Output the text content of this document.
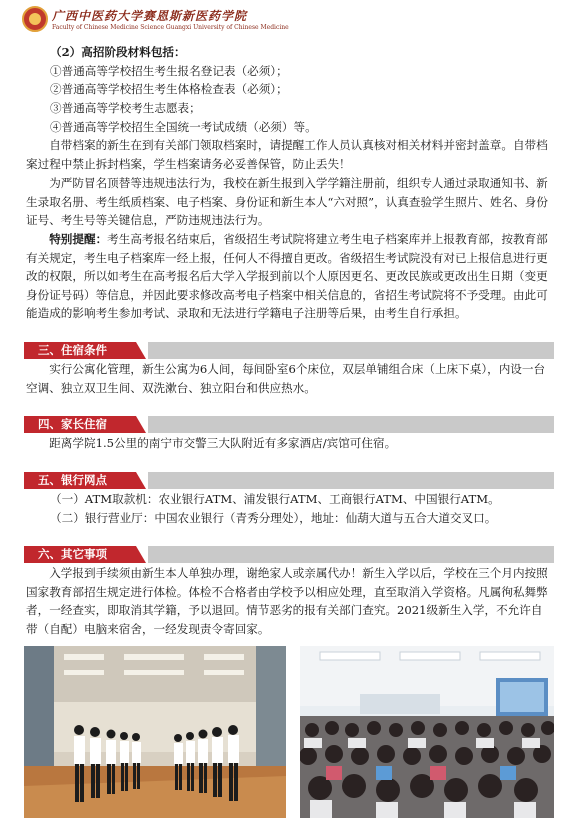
广西中医药大学赛恩斯新医药学院
Faculty of Chinese Medicine Science Guangxi University of Chinese Medicine
（2）高招阶段材料包括：
①普通高等学校招生考生报名登记表（必须）；
②普通高等学校招生考生体格检查表（必须）；
③普通高等学校考生志愿表；
④普通高等学校招生全国统一考试成绩（必须）等。
自带档案的新生在到有关部门领取档案时，请提醒工作人员认真核对相关材料并密封盖章。自带档案过程中禁止拆封档案，学生档案请务必妥善保管，防止丢失！
为严防冒名顶替等违规违法行为，我校在新生报到入学学籍注册前，组织专人通过录取通知书、新生录取名册、考生纸质档案、电子档案、身份证和新生本人“六对照”，认真查验学生照片、姓名、身份证号、考生号等关键信息，严防违规违法行为。
特别提醒：考生高考报名结束后，省级招生考试院将建立考生电子档案库并上报教育部，按教育部有关规定，考生电子档案库一经上报，任何人不得擅自更改。省级招生考试院没有对已上报信息进行更改的权限，所以如考生在高考报名后大学入学报到前以个人原因更名、更改民族或更改出生日期（变更身份证号码）等信息，并因此要求修改高考电子档案中相关信息的，省招生考试院将不予受理。由此可能造成的影响考生参加考试、录取和无法进行学籍电子注册等后果，由考生自行承担。
三、住宿条件
实行公寓化管理，新生公寓为6人间，每间卧室6个床位，双层单铺组合床（上床下桌），内设一台空调、独立双卫生间、双洗漱台、独立阳台和供应热水。
四、家长住宿
距离学院1.5公里的南宁市交警三大队附近有多家酒店/宾馆可住宿。
五、银行网点
（一）ATM取款机：农业银行ATM、浦发银行ATM、工商银行ATM、中国银行ATM。
（二）银行营业厅：中国农业银行（青秀分理处），地址：仙葫大道与五合大道交叉口。
六、其它事项
入学报到手续须由新生本人单独办理，谢绝家人或亲属代办！新生入学以后，学校在三个月内按照国家教育部招生规定进行体检。体检不合格者由学校予以相应处理，直至取消入学资格。凡属徇私舞弊者，一经查实，即取消其学籍，予以退回。情节恶劣的报有关部门查究。2021级新生入学，不允许自带（自配）电脑来宿舍，一经发现责令寄回家。
